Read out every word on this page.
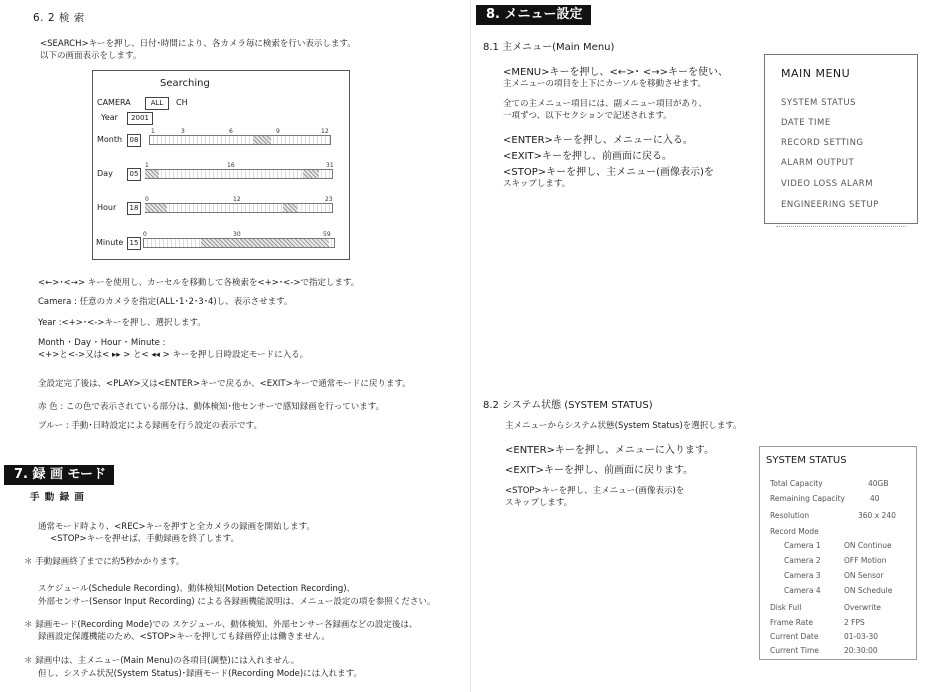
6. 2 検 索
<SEARCH>キーを押し、日付･時間により、各カメラ毎に検索を行い表示します。
以下の画面表示をします。
Searching
CAMERA	ALL	CH
Year	2001
Month	08
1	3	6	9	12
Day	05
1	16	31
Hour	18
0	12	23
Minute 15
0	30	59
<←>･<→> キーを使用し、カーセルを移動して各検索を<+>･<->で指定します。
Camera : 任意のカメラを指定(ALL･1･2･3･4)し、表示させます。
Year :<+>･<->キーを押し、選択します。
Month ･ Day ･ Hour ･ Minute :
<+>と<->又は< ▸▸ > と< ◂◂ > キーを押し日時設定モードに入る。
全設定完了後は、<PLAY>又は<ENTER>キーで戻るか、<EXIT>キーで通常モードに戻ります。
赤 色 : この色で表示されている部分は、動体検知･他センサーで感知録画を行っています。
ブルー : 手動･日時設定による録画を行う設定の表示です。
7. 録 画 モード
手 動 録 画
通常モード時より、<REC>キーを押すと全カメラの録画を開始します。
<STOP>キーを押せば、手動録画を終了します。
＊ 手動録画終了までに約5秒かかります。
スケジュール(Schedule Recording)、動体検知(Motion Detection Recording)、
外部センサー(Sensor Input Recording) による各録画機能説明は、メニュー設定の項を参照ください。
＊ 録画モード(Recording Mode)での スケジュール、動体検知、外部センサー各録画などの設定後は、
録画設定保護機能のため、<STOP>キーを押しても録画停止は働きません。
＊ 録画中は、主メニュー(Main Menu)の各項目(調整)には入れません。
但し、システム状況(System Status)･録画モード(Recording Mode)には入れます。
8. メニュー設定
8.1 主メニュー(Main Menu)
<MENU>キーを押し、<←>･ <→>キーを使い、
主メニューの項目を上下にカーソルを移動させます。
全ての主メニュー項目には、副メニュー項目があり、
一項ずつ、以下セクションで記述されます。
<ENTER>キーを押し、メニューに入る。
<EXIT>キーを押し、前画面に戻る。
<STOP>キーを押し、主メニュー(画像表示)を
スキップします。
MAIN MENU
SYSTEM STATUS
DATE TIME
RECORD SETTING
ALARM OUTPUT
VIDEO LOSS ALARM
ENGINEERING SETUP
8.2 システム状態 (SYSTEM STATUS)
主メニューからシステム状態(System Status)を選択します。
<ENTER>キーを押し、メニューに入ります。
<EXIT>キーを押し、前画面に戻ります。
<STOP>キーを押し、主メニュー(画像表示)を
スキップします。
SYSTEM STATUS
Total Capacity	40GB
Remaining Capacity	40
Resolution	360 x 240
Record Mode
Camera 1	ON Continue
Camera 2	OFF Motion
Camera 3	ON Sensor
Camera 4	ON Schedule
Disk Full	Overwrite
Frame Rate	2 FPS
Current Date	01-03-30
Current Time	20:30:00
